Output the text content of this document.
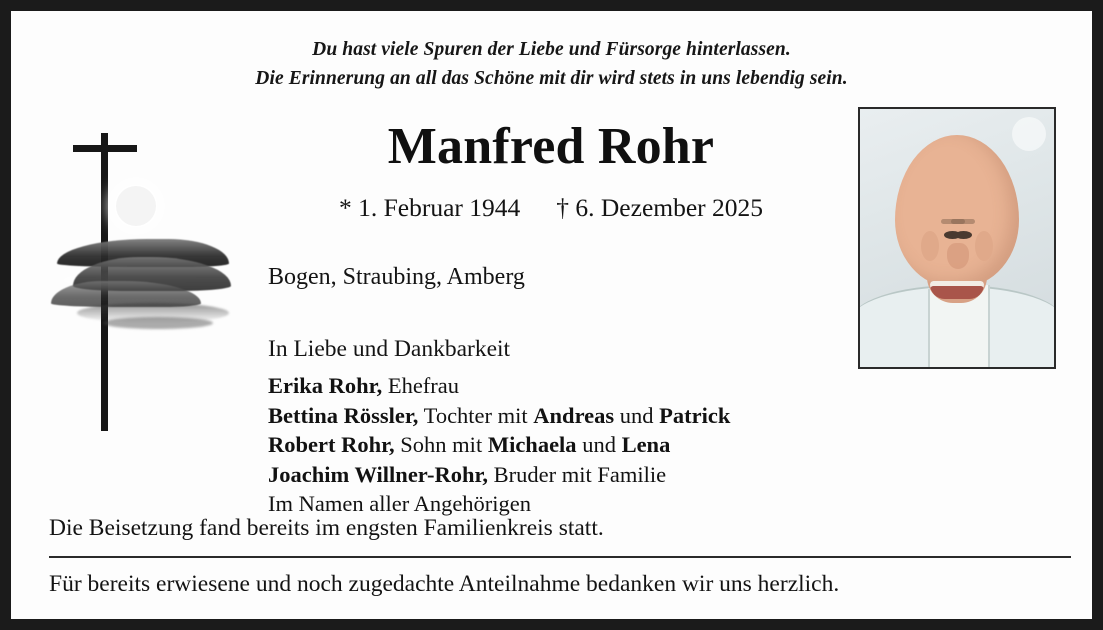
Du hast viele Spuren der Liebe und Fürsorge hinterlassen.
Die Erinnerung an all das Schöne mit dir wird stets in uns lebendig sein.
Manfred Rohr
* 1. Februar 1944 † 6. Dezember 2025
Bogen, Straubing, Amberg
In Liebe und Dankbarkeit
Erika Rohr, Ehefrau
Bettina Rössler, Tochter mit Andreas und Patrick
Robert Rohr, Sohn mit Michaela und Lena
Joachim Willner-Rohr, Bruder mit Familie
Im Namen aller Angehörigen
Die Beisetzung fand bereits im engsten Familienkreis statt.
Für bereits erwiesene und noch zugedachte Anteilnahme bedanken wir uns herzlich.
